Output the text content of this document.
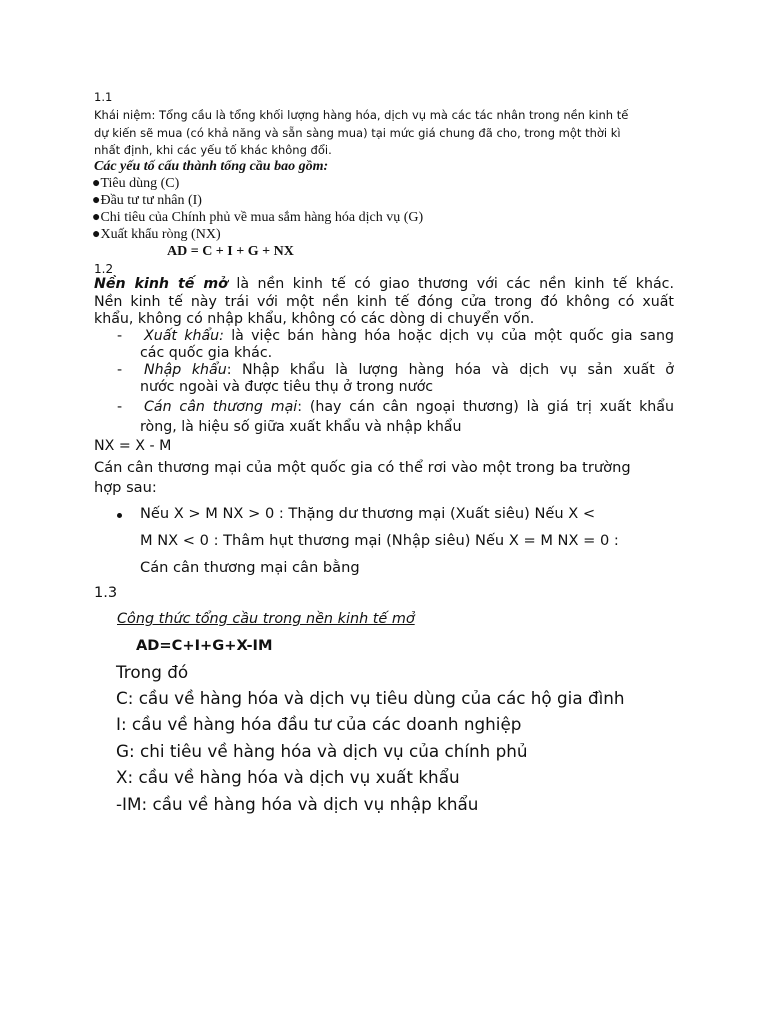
1.1
Khái niệm: Tổng cầu là tổng khối lượng hàng hóa, dịch vụ mà các tác nhân trong nền kinh tế
dự kiến sẽ mua (có khả năng và sẵn sàng mua) tại mức giá chung đã cho, trong một thời kì
nhất định, khi các yếu tố khác không đổi.
Các yếu tố cấu thành tổng cầu bao gồm:
●Tiêu dùng (C)
●Đầu tư tư nhân (I)
●Chi tiêu của Chính phủ về mua sắm hàng hóa dịch vụ (G)
●Xuất khẩu ròng (NX)
AD = C + I + G + NX
1.2
Nền kinh tế mở là nền kinh tế có giao thương với các nền kinh tế khác.
Nền kinh tế này trái với một nền kinh tế đóng cửa trong đó không có xuất
khẩu, không có nhập khẩu, không có các dòng di chuyển vốn.
- Xuất khẩu: là việc bán hàng hóa hoặc dịch vụ của một quốc gia sang
các quốc gia khác.
- Nhập khẩu: Nhập khẩu là lượng hàng hóa và dịch vụ sản xuất ở
nước ngoài và được tiêu thụ ở trong nước
- Cán cân thương mại: (hay cán cân ngoại thương) là giá trị xuất khẩu
ròng, là hiệu số giữa xuất khẩu và nhập khẩu
NX = X - M
Cán cân thương mại của một quốc gia có thể rơi vào một trong ba trường
hợp sau:
Nếu X > M NX > 0 : Thặng dư thương mại (Xuất siêu) Nếu X <
M NX < 0 : Thâm hụt thương mại (Nhập siêu) Nếu X = M NX = 0 :
Cán cân thương mại cân bằng
1.3
Công thức tổng cầu trong nền kinh tế mở
AD=C+I+G+X-IM
Trong đó
C: cầu về hàng hóa và dịch vụ tiêu dùng của các hộ gia đình
I: cầu về hàng hóa đầu tư của các doanh nghiệp
G: chi tiêu về hàng hóa và dịch vụ của chính phủ
X: cầu về hàng hóa và dịch vụ xuất khẩu
-IM: cầu về hàng hóa và dịch vụ nhập khẩu
